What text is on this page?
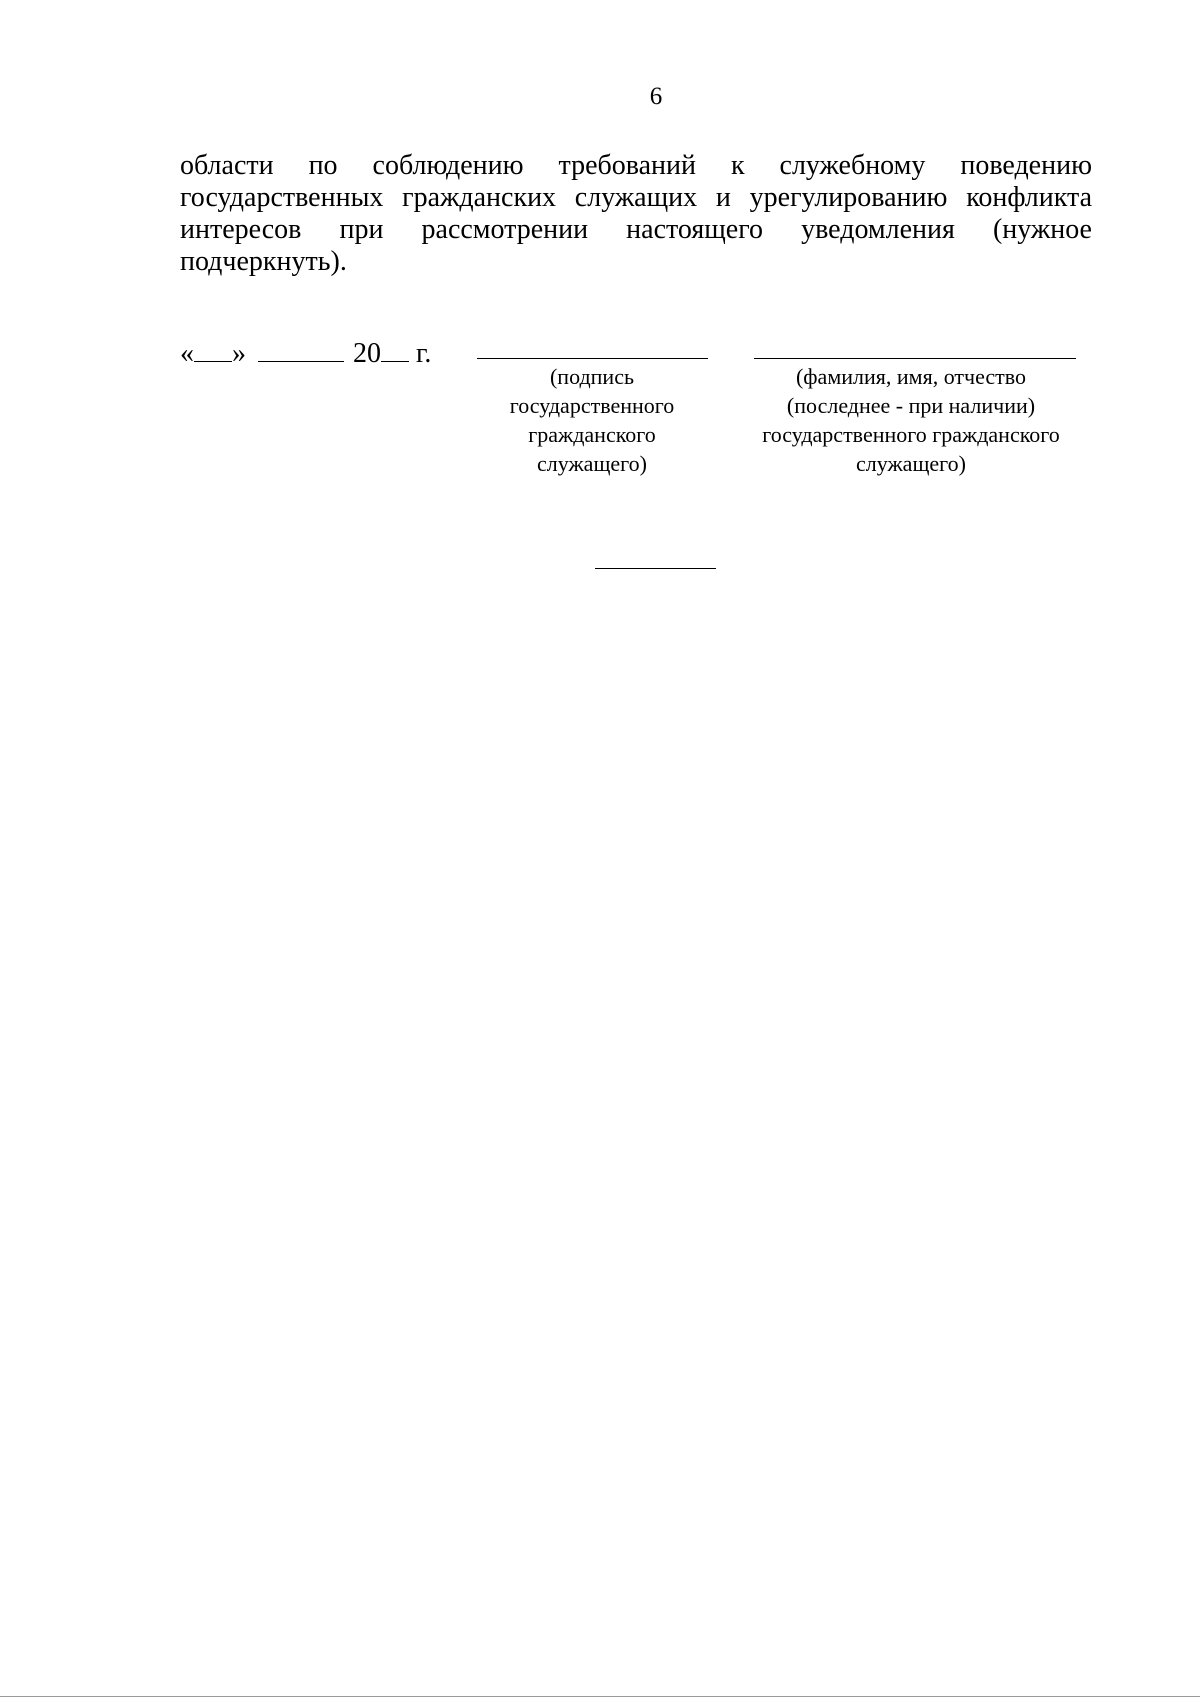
6
области по соблюдению требований к служебному поведению
государственных гражданских служащих и урегулированию конфликта
интересов при рассмотрении настоящего уведомления (нужное
подчеркнуть).
« »	20 г.
(подпись
государственного
гражданского
служащего)
(фамилия, имя, отчество
(последнее - при наличии)
государственного гражданского
служащего)
